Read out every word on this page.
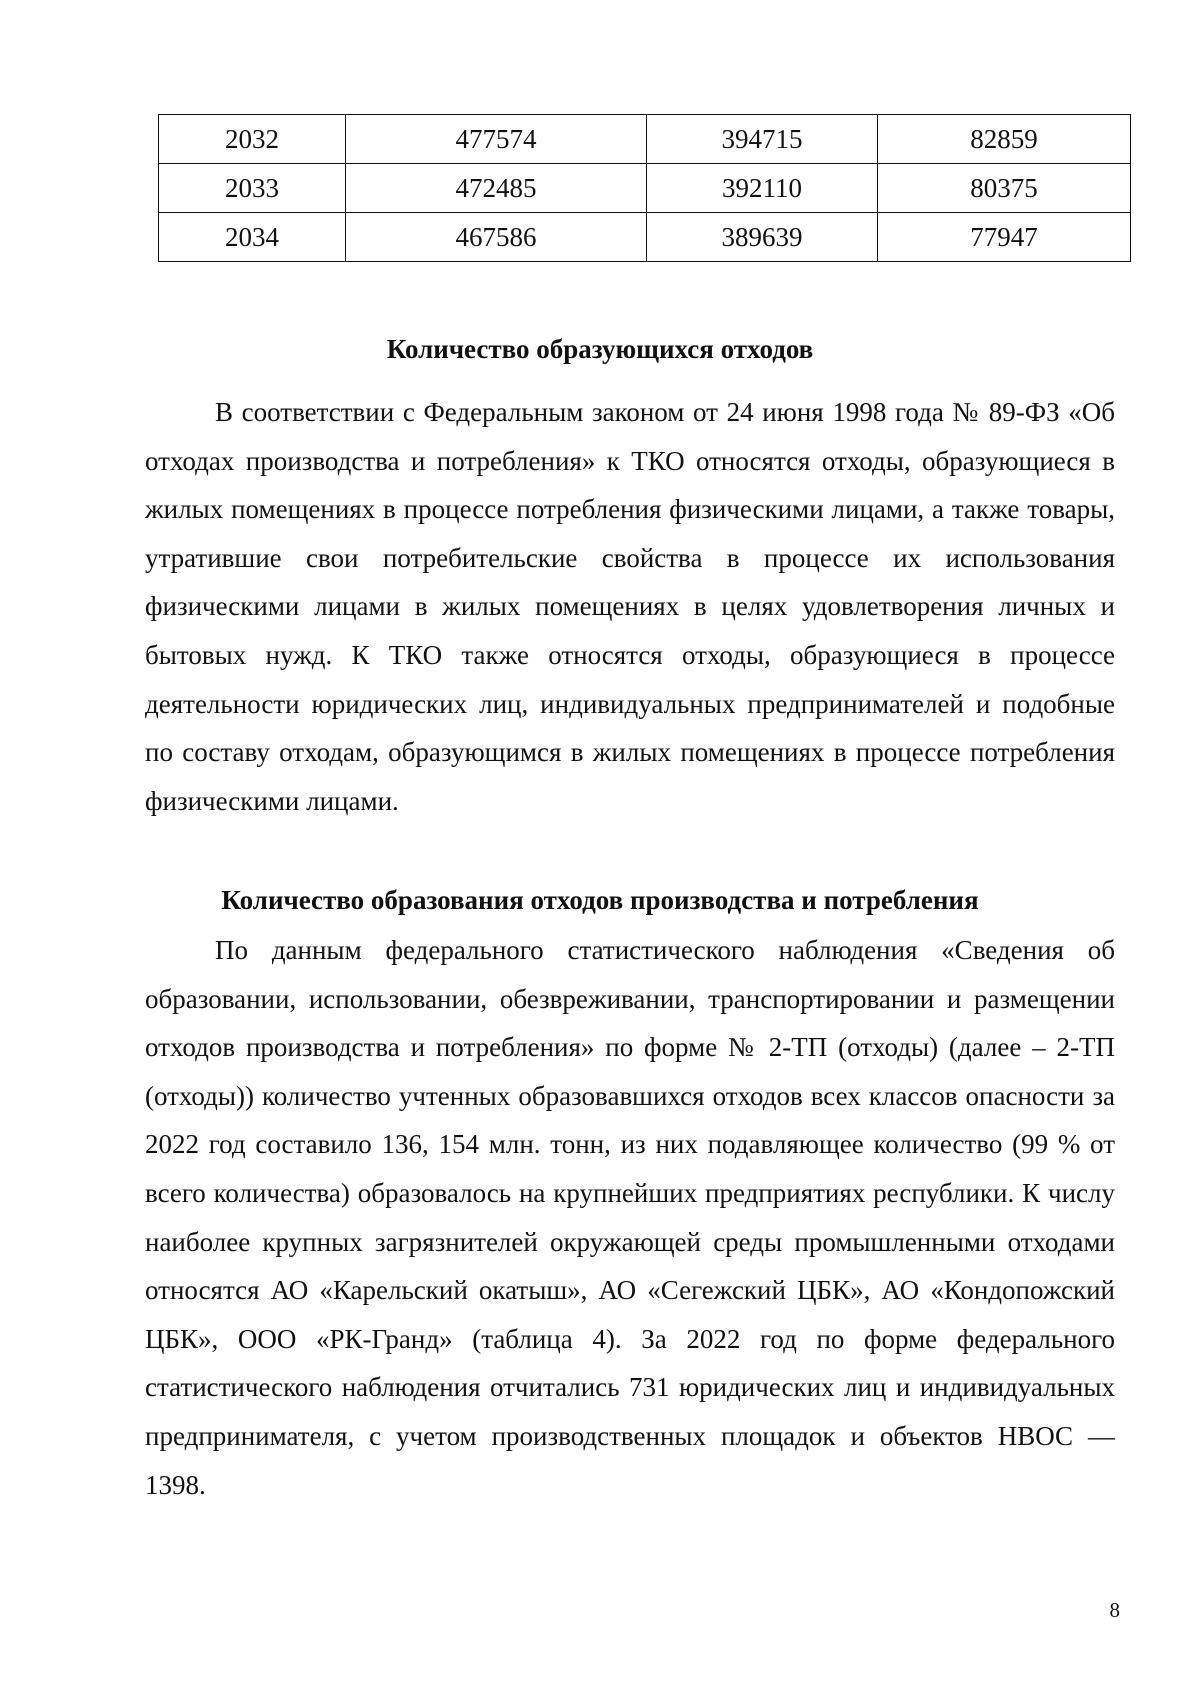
2032	477574	394715	82859
2033	472485	392110	80375
2034	467586	389639	77947
Количество образующихся отходов

В соответствии с Федеральным законом от 24 июня 1998 года № 89-ФЗ «Об отходах производства и потребления» к ТКО относятся отходы, образующиеся в жилых помещениях в процессе потребления физическими лицами, а также товары, утратившие свои потребительские свойства в процессе их использования физическими лицами в жилых помещениях в целях удовлетворения личных и бытовых нужд. К ТКО также относятся отходы, образующиеся в процессе деятельности юридических лиц, индивидуальных предпринимателей и подобные по составу отходам, образующимся в жилых помещениях в процессе потребления физическими лицами.

Количество образования отходов производства и потребления

По данным федерального статистического наблюдения «Сведения об образовании, использовании, обезвреживании, транспортировании и размещении отходов производства и потребления» по форме № 2-ТП (отходы) (далее – 2-ТП (отходы)) количество учтенных образовавшихся отходов всех классов опасности за 2022 год составило 136, 154 млн. тонн, из них подавляющее количество (99 % от всего количества) образовалось на крупнейших предприятиях республики. К числу наиболее крупных загрязнителей окружающей среды промышленными отходами относятся АО «Карельский окатыш», АО «Сегежский ЦБК», АО «Кондопожский ЦБК», ООО «РК-Гранд» (таблица 4). За 2022 год по форме федерального статистического наблюдения отчитались 731 юридических лиц и индивидуальных предпринимателя, с учетом производственных площадок и объектов НВОС — 1398.

8
